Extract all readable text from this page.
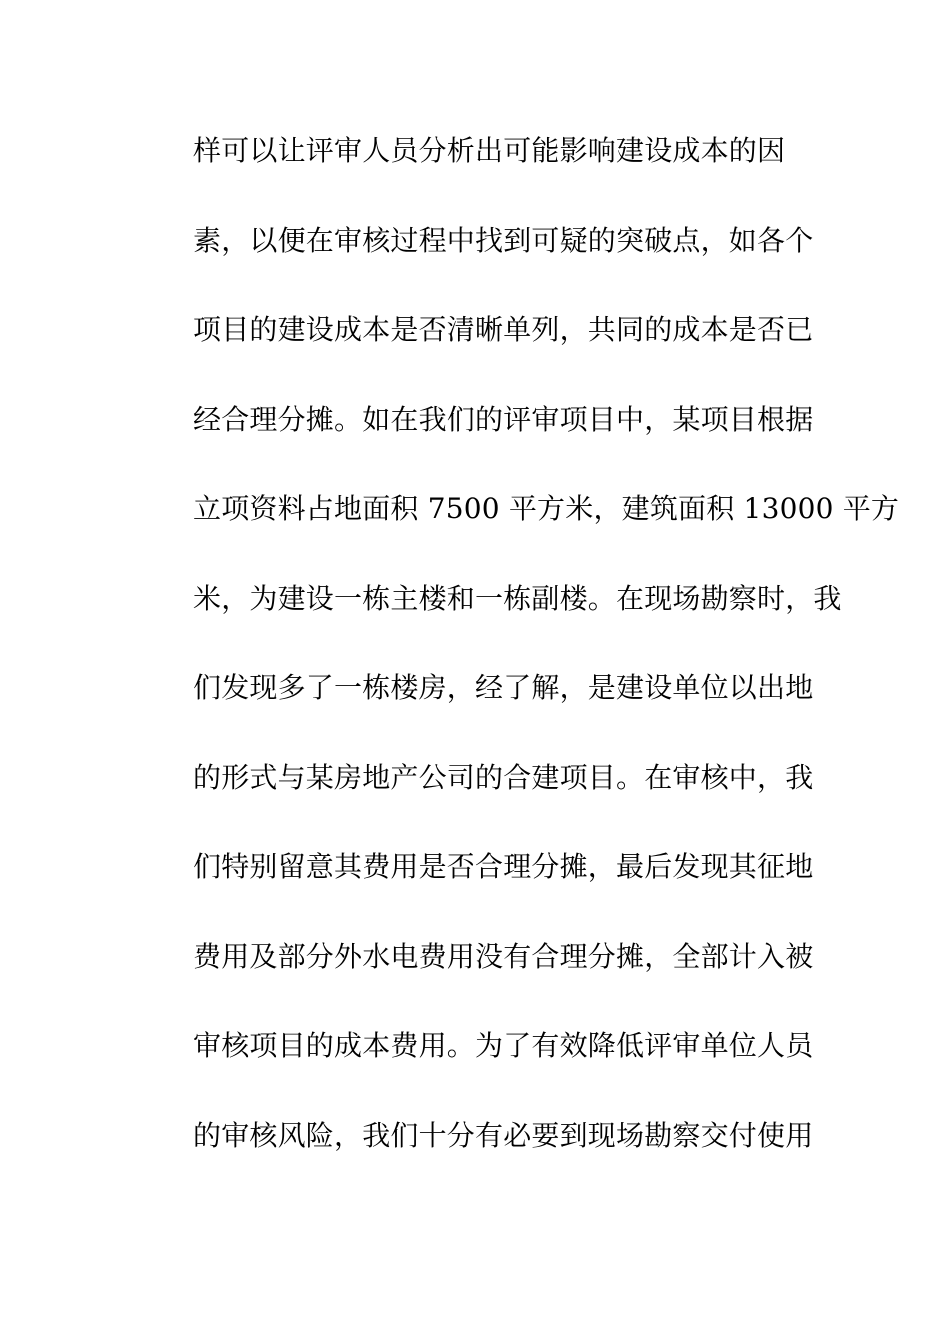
样可以让评审人员分析出可能影响建设成本的因
素，以便在审核过程中找到可疑的突破点，如各个
项目的建设成本是否清晰单列，共同的成本是否已
经合理分摊。如在我们的评审项目中，某项目根据
立项资料占地面积 7500 平方米，建筑面积 13000 平方
米，为建设一栋主楼和一栋副楼。在现场勘察时，我
们发现多了一栋楼房，经了解，是建设单位以出地
的形式与某房地产公司的合建项目。在审核中，我
们特别留意其费用是否合理分摊，最后发现其征地
费用及部分外水电费用没有合理分摊，全部计入被
审核项目的成本费用。为了有效降低评审单位人员
的审核风险，我们十分有必要到现场勘察交付使用
